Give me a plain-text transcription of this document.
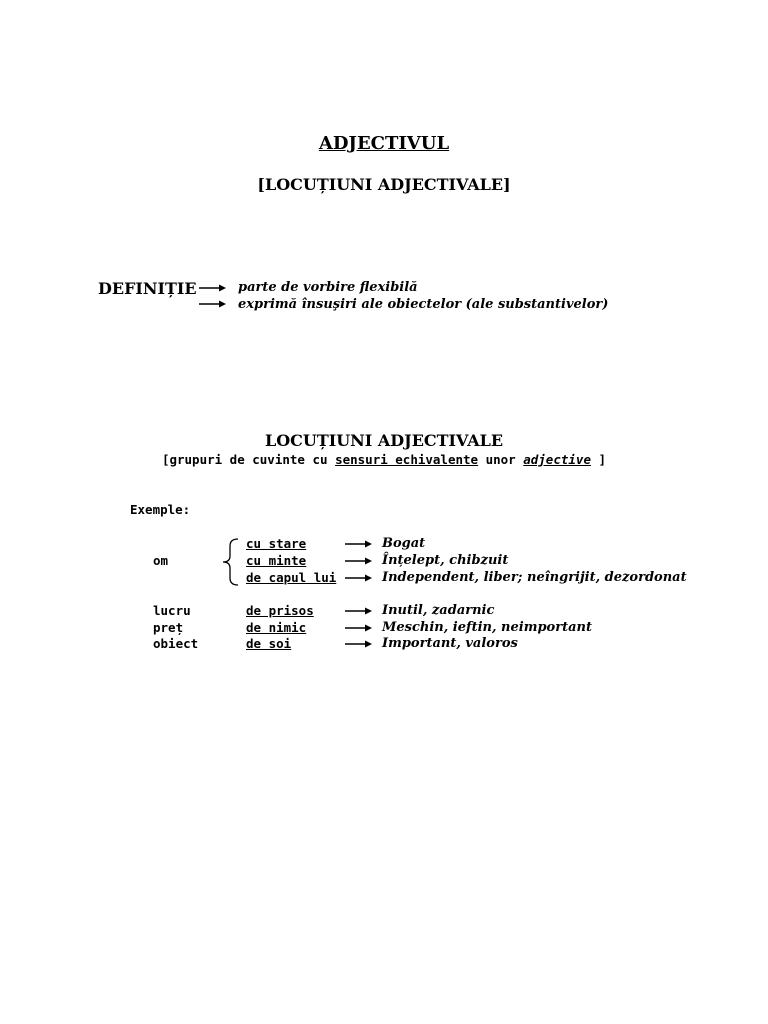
ADJECTIVUL
[LOCUȚIUNI ADJECTIVALE]
DEFINIȚIE	parte de vorbire flexibilă
exprimă însuşiri ale obiectelor (ale substantivelor)
LOCUȚIUNI ADJECTIVALE
[grupuri de cuvinte cu sensuri echivalente unor adjective ]
Exemple:
om
cu stare	Bogat
cu minte	Înțelept, chibzuit
de capul lui	Independent, liber; neîngrijit, dezordonat
lucru	de prisos	Inutil, zadarnic
preț	de nimic	Meschin, ieftin, neimportant
obiect	de soi	Important, valoros
